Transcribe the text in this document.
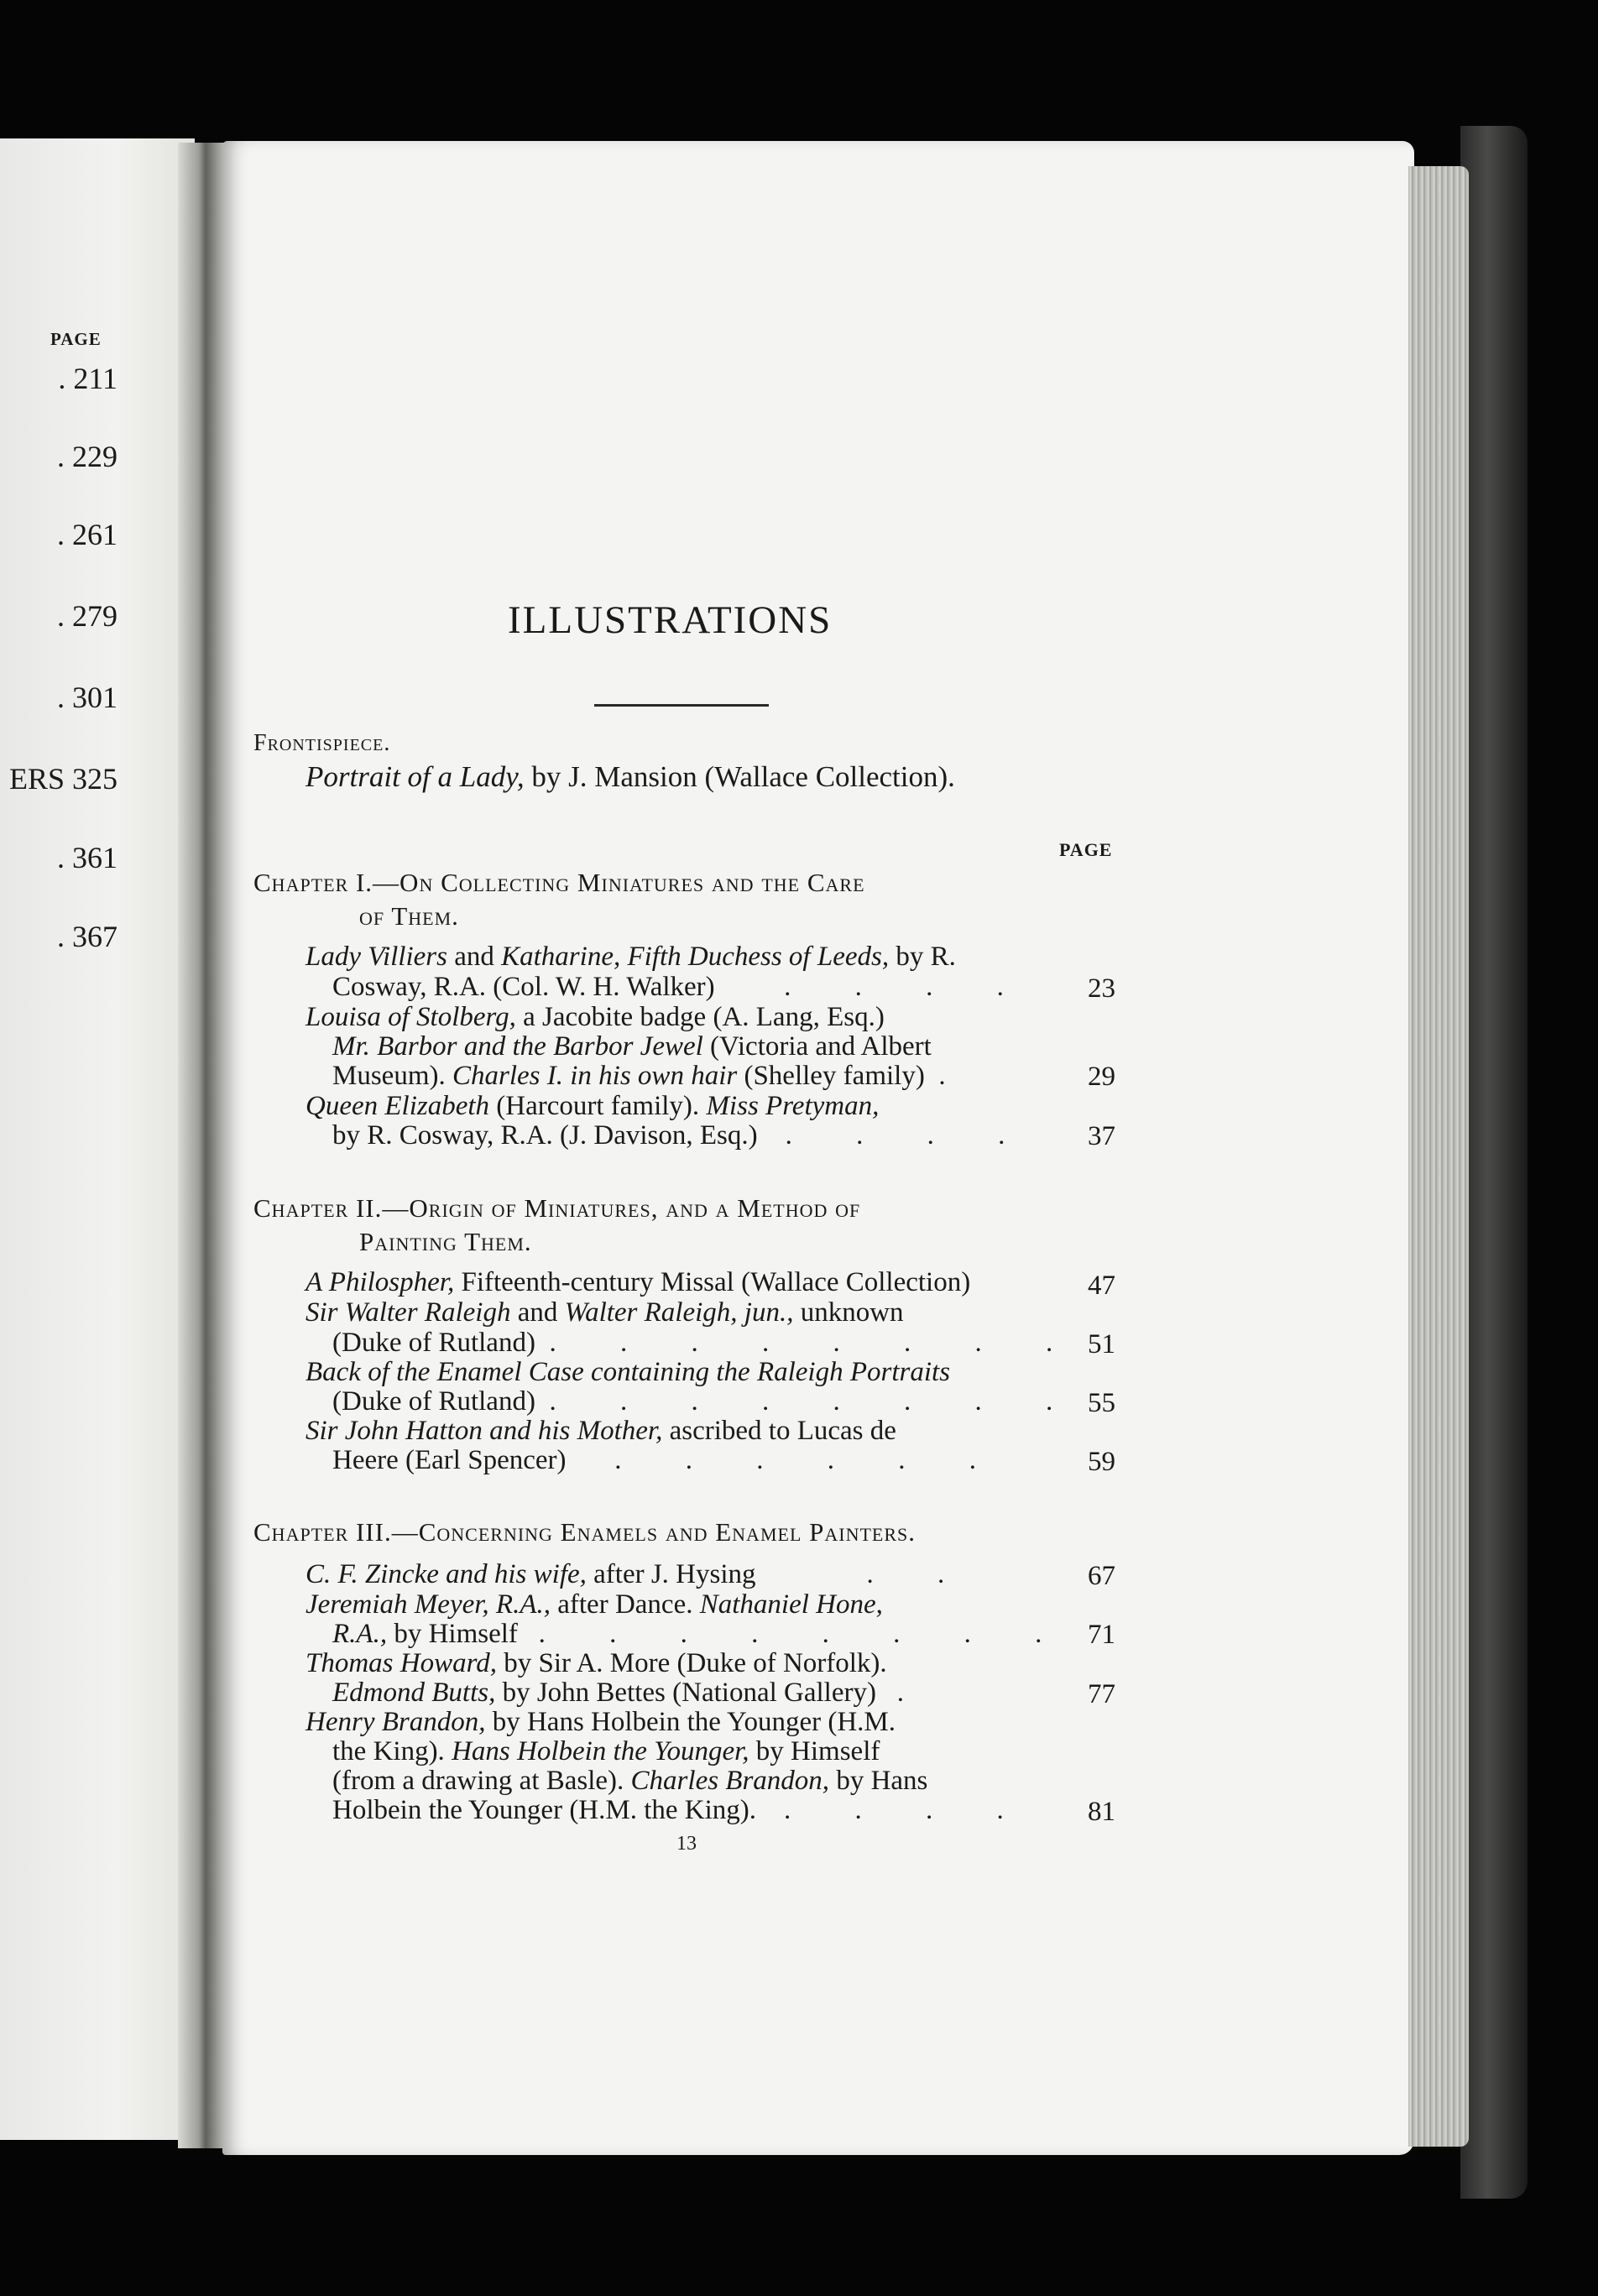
PAGE
. 211
. 229
. 261
. 279
. 301
ERS 325
. 361
. 367
ILLUSTRATIONS
Frontispiece.
Portrait of a Lady, by J. Mansion (Wallace Collection).
PAGE
Chapter I.—On Collecting Miniatures and the Care
of Them.
Lady Villiers and Katharine, Fifth Duchess of Leeds, by R.
Cosway, R.A. (Col. W. H. Walker)	. . . .	23
Louisa of Stolberg, a Jacobite badge (A. Lang, Esq.)
Mr. Barbor and the Barbor Jewel (Victoria and Albert
Museum). Charles I. in his own hair (Shelley family) .	29
Queen Elizabeth (Harcourt family). Miss Pretyman,
by R. Cosway, R.A. (J. Davison, Esq.) . . . .	37
Chapter II.—Origin of Miniatures, and a Method of
Painting Them.
A Philospher, Fifteenth-century Missal (Wallace Collection)	47
Sir Walter Raleigh and Walter Raleigh, jun., unknown
(Duke of Rutland) . . . . . . . . 51
Back of the Enamel Case containing the Raleigh Portraits
(Duke of Rutland) . . . . . . . . 55
Sir John Hatton and his Mother, ascribed to Lucas de
Heere (Earl Spencer) . . . . . .	59
Chapter III.—Concerning Enamels and Enamel Painters.
C. F. Zincke and his wife, after J. Hysing	. .	67
Jeremiah Meyer, R.A., after Dance. Nathaniel Hone,
R.A., by Himself . . . . . . . . 71
Thomas Howard, by Sir A. More (Duke of Norfolk).
Edmond Butts, by John Bettes (National Gallery) .	77
Henry Brandon, by Hans Holbein the Younger (H.M.
the King). Hans Holbein the Younger, by Himself
(from a drawing at Basle). Charles Brandon, by Hans
Holbein the Younger (H.M. the King). . . . .	81
13
